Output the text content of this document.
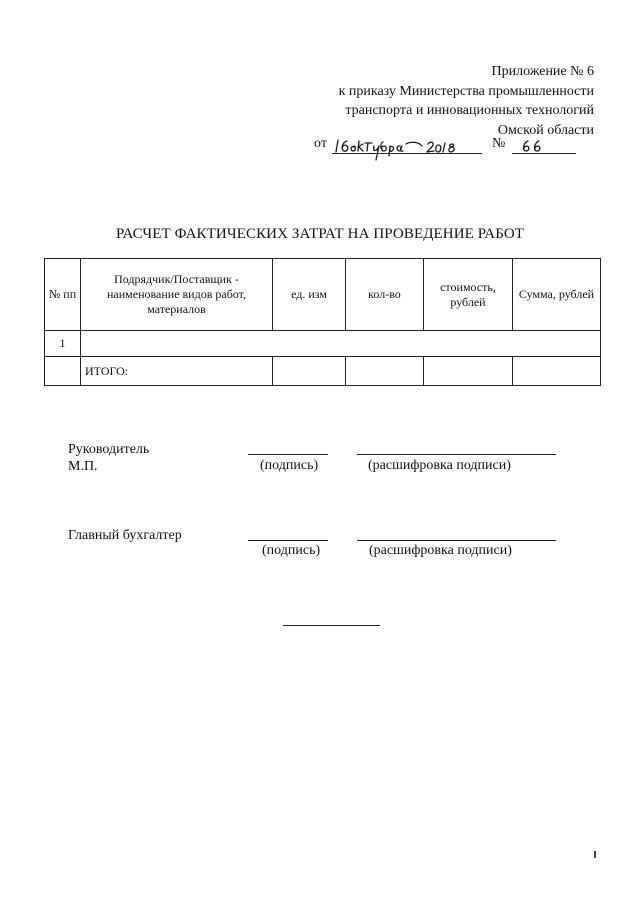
Приложение № 6
к приказу Министерства промышленности
транспорта и инновационных технологий
Омской области
от	№
РАСЧЕТ ФАКТИЧЕСКИХ ЗАТРАТ НА ПРОВЕДЕНИЕ РАБОТ
№ пп	Подрядчик/Поставщик - наименование видов работ, материалов	ед. изм	кол-во	стоимость, рублей	Сумма, рублей
1					
	ИТОГО:				
Руководитель
М.П.	(подпись)	(расшифровка подписи)
Главный бухгалтер
(подпись)	(расшифровка подписи)
